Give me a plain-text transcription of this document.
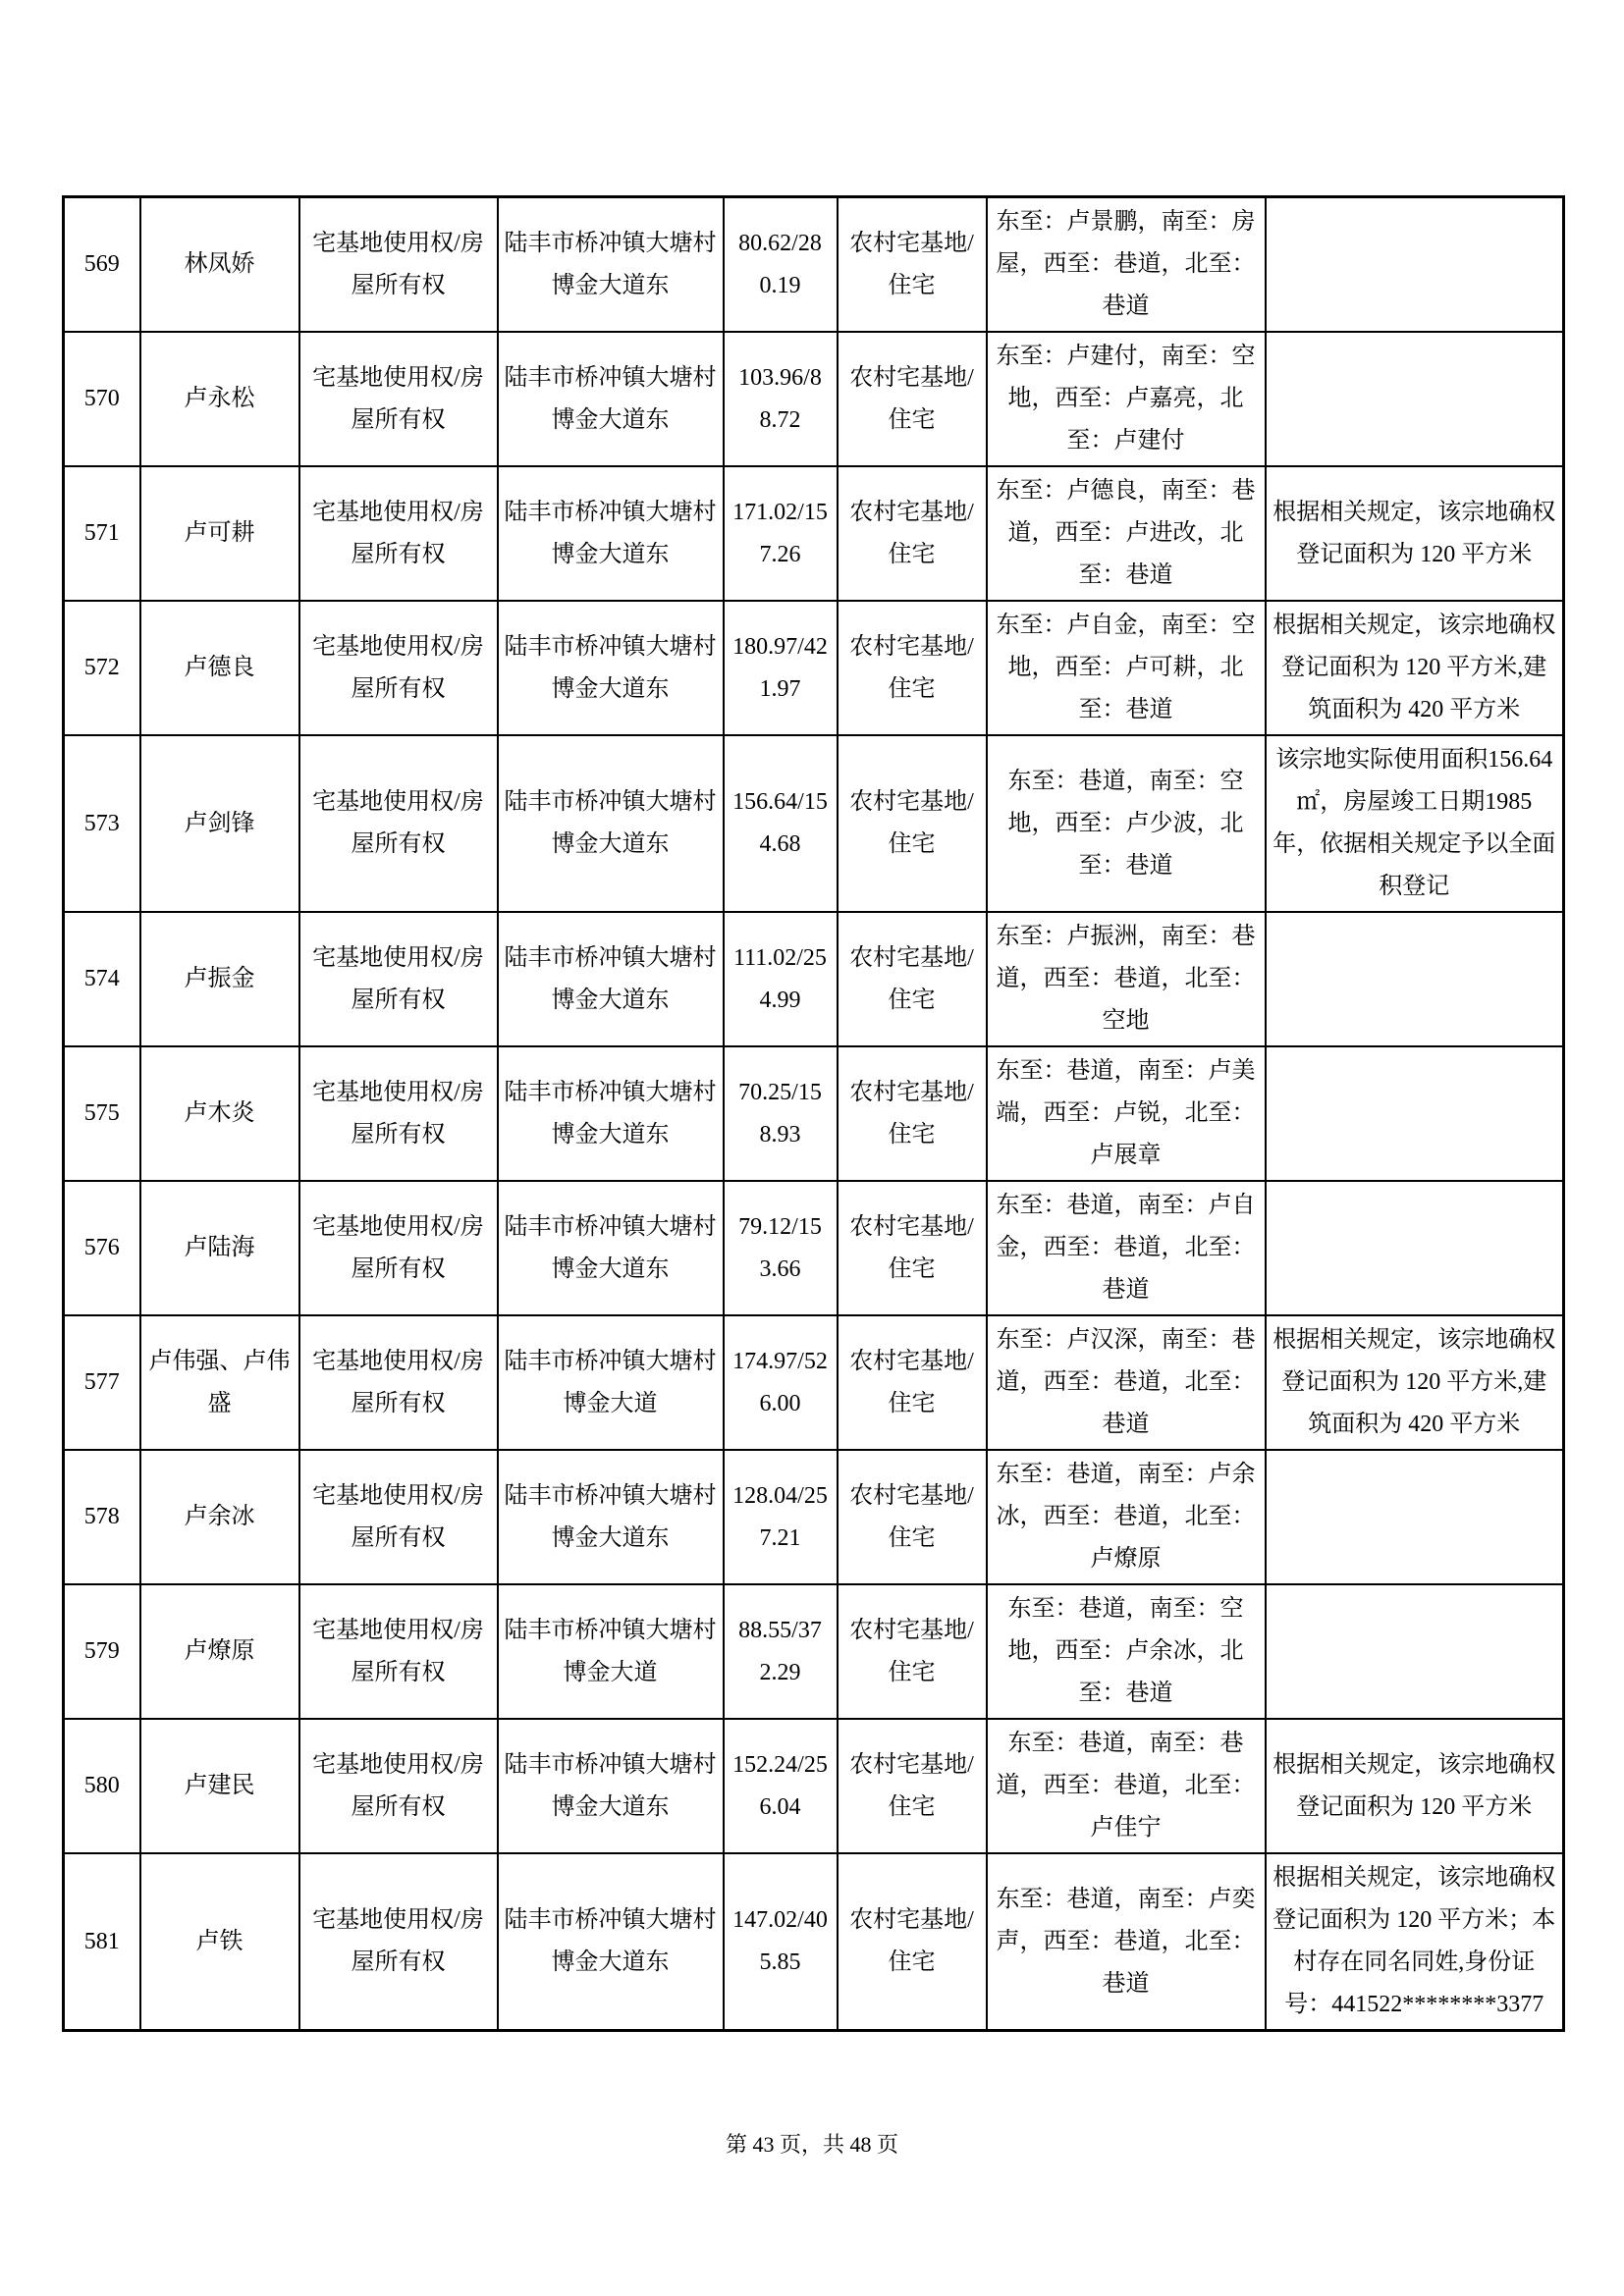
569	林凤娇	宅基地使用权/房屋所有权	陆丰市桥冲镇大塘村博金大道东	80.62/280.19	农村宅基地/住宅	东至：卢景鹏，南至：房屋，西至：巷道，北至：巷道	
570	卢永松	宅基地使用权/房屋所有权	陆丰市桥冲镇大塘村博金大道东	103.96/88.72	农村宅基地/住宅	东至：卢建付，南至：空地，西至：卢嘉亮，北至：卢建付	
571	卢可耕	宅基地使用权/房屋所有权	陆丰市桥冲镇大塘村博金大道东	171.02/157.26	农村宅基地/住宅	东至：卢德良，南至：巷道，西至：卢进改，北至：巷道	根据相关规定，该宗地确权登记面积为 120 平方米
572	卢德良	宅基地使用权/房屋所有权	陆丰市桥冲镇大塘村博金大道东	180.97/421.97	农村宅基地/住宅	东至：卢自金，南至：空地，西至：卢可耕，北至：巷道	根据相关规定，该宗地确权登记面积为 120 平方米,建筑面积为 420 平方米
573	卢剑锋	宅基地使用权/房屋所有权	陆丰市桥冲镇大塘村博金大道东	156.64/154.68	农村宅基地/住宅	东至：巷道，南至：空地，西至：卢少波，北至：巷道	该宗地实际使用面积156.64㎡，房屋竣工日期1985 年，依据相关规定予以全面积登记
574	卢振金	宅基地使用权/房屋所有权	陆丰市桥冲镇大塘村博金大道东	111.02/254.99	农村宅基地/住宅	东至：卢振洲，南至：巷道，西至：巷道，北至：空地	
575	卢木炎	宅基地使用权/房屋所有权	陆丰市桥冲镇大塘村博金大道东	70.25/158.93	农村宅基地/住宅	东至：巷道，南至：卢美端，西至：卢锐，北至：卢展章	
576	卢陆海	宅基地使用权/房屋所有权	陆丰市桥冲镇大塘村博金大道东	79.12/153.66	农村宅基地/住宅	东至：巷道，南至：卢自金，西至：巷道，北至：巷道	
577	卢伟强、卢伟盛	宅基地使用权/房屋所有权	陆丰市桥冲镇大塘村博金大道	174.97/526.00	农村宅基地/住宅	东至：卢汉深，南至：巷道，西至：巷道，北至：巷道	根据相关规定，该宗地确权登记面积为 120 平方米,建筑面积为 420 平方米
578	卢余冰	宅基地使用权/房屋所有权	陆丰市桥冲镇大塘村博金大道东	128.04/257.21	农村宅基地/住宅	东至：巷道，南至：卢余冰，西至：巷道，北至：卢燎原	
579	卢燎原	宅基地使用权/房屋所有权	陆丰市桥冲镇大塘村博金大道	88.55/372.29	农村宅基地/住宅	东至：巷道，南至：空地，西至：卢余冰，北至：巷道	
580	卢建民	宅基地使用权/房屋所有权	陆丰市桥冲镇大塘村博金大道东	152.24/256.04	农村宅基地/住宅	东至：巷道，南至：巷道，西至：巷道，北至：卢佳宁	根据相关规定，该宗地确权登记面积为 120 平方米
581	卢铁	宅基地使用权/房屋所有权	陆丰市桥冲镇大塘村博金大道东	147.02/405.85	农村宅基地/住宅	东至：巷道，南至：卢奕声，西至：巷道，北至：巷道	根据相关规定，该宗地确权登记面积为 120 平方米；本村存在同名同姓,身份证号：441522********3377
第 43 页，共 48 页
